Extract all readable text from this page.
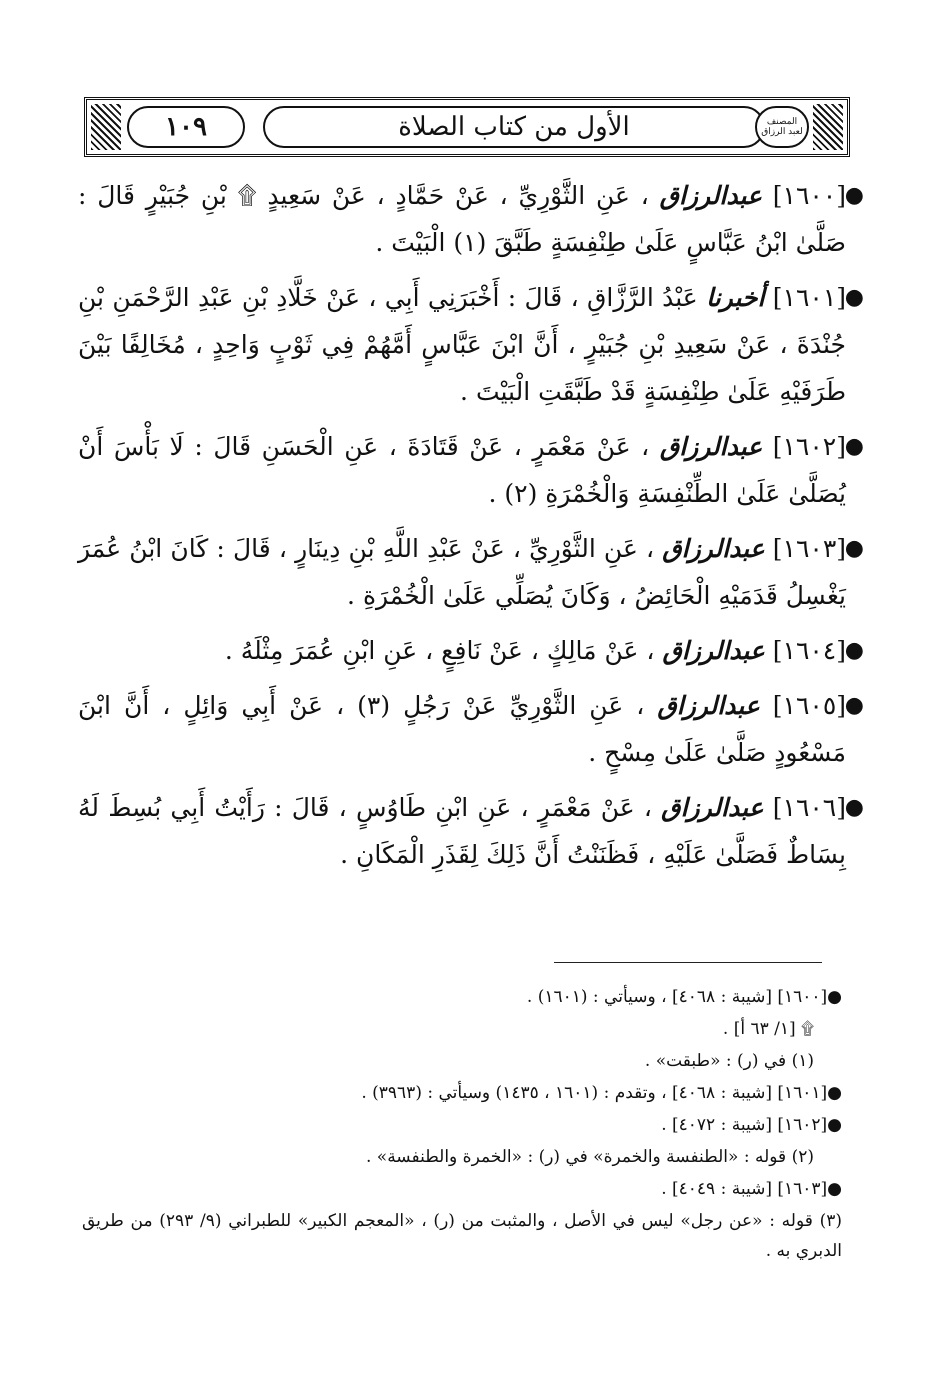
١٠٩	الأول من كتاب الصلاة	المصنف لعبد الرزاق
●
[١٦٠٠] عبدالرزاق ، عَنِ الثَّوْرِيِّ ، عَنْ حَمَّادٍ ، عَنْ سَعِيدٍ ۩ بْنِ جُبَيْرٍ قَالَ : صَلَّىٰ ابْنُ عَبَّاسٍ عَلَىٰ طِنْفِسَةٍ طَبَّقَ (١) الْبَيْتَ .
●
[١٦٠١] أخبرنا عَبْدُ الرَّزَّاقِ ، قَالَ : أَخْبَرَنِي أَبِي ، عَنْ خَلَّادِ بْنِ عَبْدِ الرَّحْمَنِ بْنِ جُنْدَةَ ، عَنْ سَعِيدِ بْنِ جُبَيْرٍ ، أَنَّ ابْنَ عَبَّاسٍ أَمَّهُمْ فِي ثَوْبٍ وَاحِدٍ ، مُخَالِفًا بَيْنَ طَرَفَيْهِ عَلَىٰ طِنْفِسَةٍ قَدْ طَبَّقَتِ الْبَيْتَ .
●
[١٦٠٢] عبدالرزاق ، عَنْ مَعْمَرٍ ، عَنْ قَتَادَةَ ، عَنِ الْحَسَنِ قَالَ : لَا بَأْسَ أَنْ يُصَلَّىٰ عَلَىٰ الطِّنْفِسَةِ وَالْخُمْرَةِ (٢) .
●
[١٦٠٣] عبدالرزاق ، عَنِ الثَّوْرِيِّ ، عَنْ عَبْدِ اللَّهِ بْنِ دِينَارٍ ، قَالَ : كَانَ ابْنُ عُمَرَ يَغْسِلُ قَدَمَيْهِ الْحَائِضُ ، وَكَانَ يُصَلِّي عَلَىٰ الْخُمْرَةِ .
●
[١٦٠٤] عبدالرزاق ، عَنْ مَالِكٍ ، عَنْ نَافِعٍ ، عَنِ ابْنِ عُمَرَ مِثْلَهُ .
●
[١٦٠٥] عبدالرزاق ، عَنِ الثَّوْرِيِّ عَنْ رَجُلٍ (٣) ، عَنْ أَبِي وَائِلٍ ، أَنَّ ابْنَ مَسْعُودٍ صَلَّىٰ عَلَىٰ مِسْحٍ .
●
[١٦٠٦] عبدالرزاق ، عَنْ مَعْمَرٍ ، عَنِ ابْنِ طَاوُسٍ ، قَالَ : رَأَيْتُ أَبِي بُسِطَ لَهُ بِسَاطٌ فَصَلَّىٰ عَلَيْهِ ، فَظَنَنْتُ أَنَّ ذَلِكَ لِقَذَرِ الْمَكَانِ .
●[١٦٠٠] [شيبة : ٤٠٦٨] ، وسيأتي : (١٦٠١) .
۩ [١/ ٦٣ أ] .
(١) في (ر) : «طبقت» .
●[١٦٠١] [شيبة : ٤٠٦٨] ، وتقدم : (١٦٠١ ، ١٤٣٥) وسيأتي : (٣٩٦٣) .
●[١٦٠٢] [شيبة : ٤٠٧٢] .
(٢) قوله : «الطنفسة والخمرة» في (ر) : «الخمرة والطنفسة» .
●[١٦٠٣] [شيبة : ٤٠٤٩] .
(٣) قوله : «عن رجل» ليس في الأصل ، والمثبت من (ر) ، «المعجم الكبير» للطبراني (٩/ ٢٩٣) من طريق الدبري به .
